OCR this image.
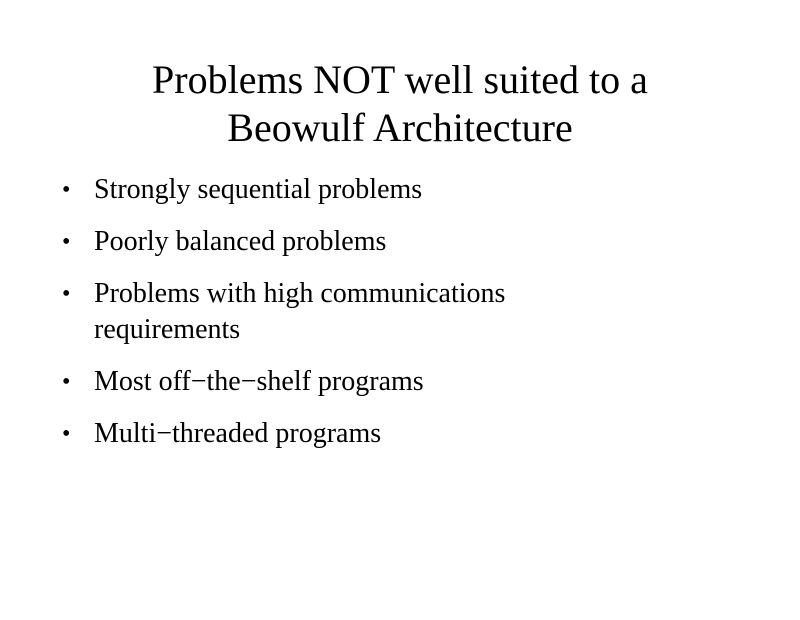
Problems NOT well suited to a
Beowulf Architecture
• Strongly sequential problems
• Poorly balanced problems
• Problems with high communications
requirements
• Most off−the−shelf programs
• Multi−threaded programs
